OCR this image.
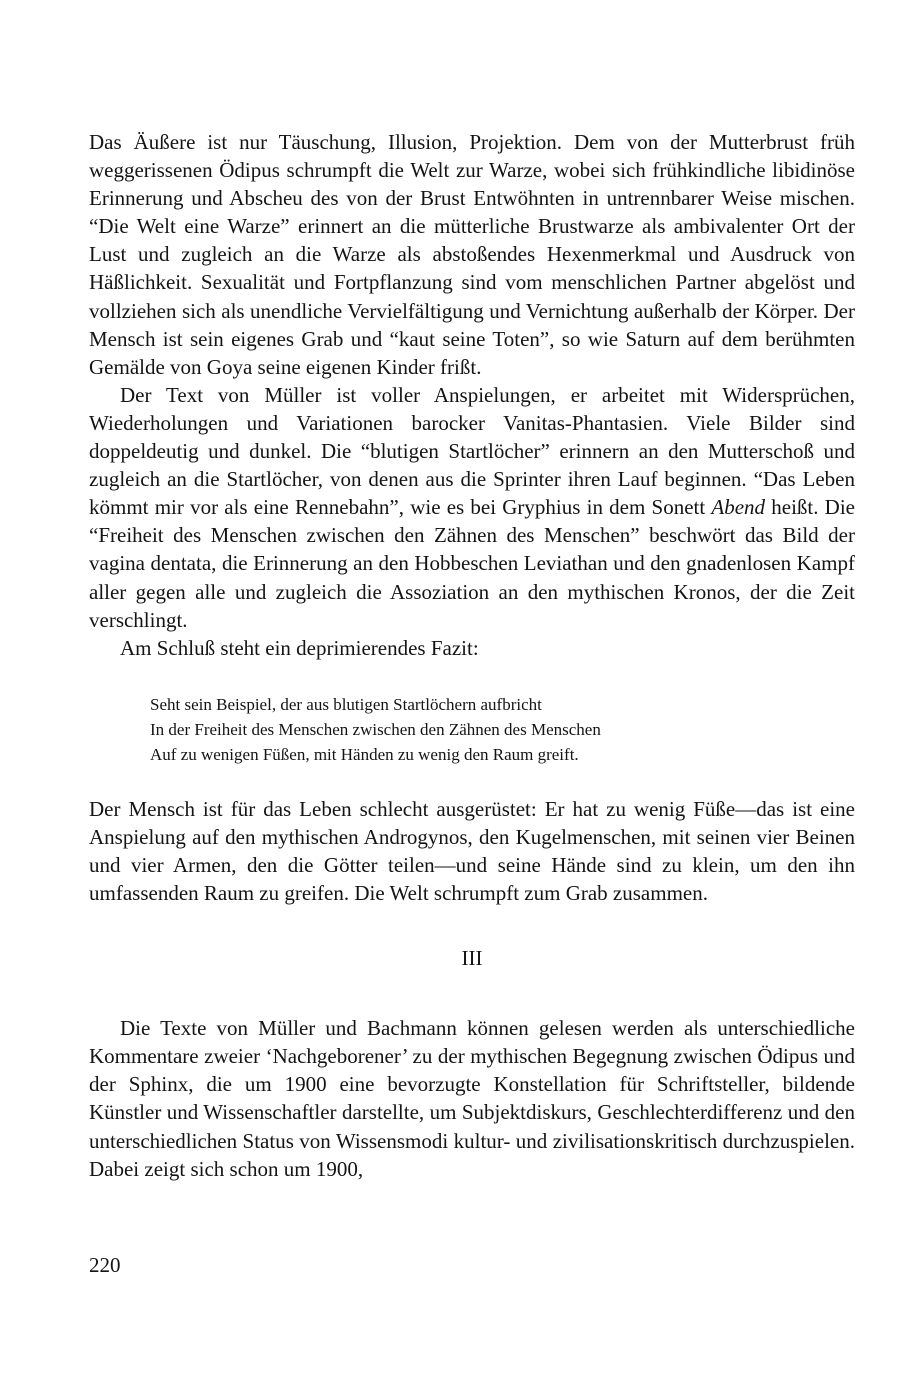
Das Äußere ist nur Täuschung, Illusion, Projektion. Dem von der Mutterbrust früh weggerissenen Ödipus schrumpft die Welt zur Warze, wobei sich frühkindliche libidinöse Erinnerung und Abscheu des von der Brust Entwöhnten in untrennbarer Weise mischen. “Die Welt eine Warze” erinnert an die mütterliche Brustwarze als ambivalenter Ort der Lust und zugleich an die Warze als abstoßendes Hexenmerkmal und Ausdruck von Häßlichkeit. Sexualität und Fortpflanzung sind vom menschlichen Partner abgelöst und vollziehen sich als unendliche Vervielfältigung und Vernichtung außerhalb der Körper. Der Mensch ist sein eigenes Grab und “kaut seine Toten”, so wie Saturn auf dem berühmten Gemälde von Goya seine eigenen Kinder frißt.

Der Text von Müller ist voller Anspielungen, er arbeitet mit Widersprüchen, Wiederholungen und Variationen barocker Vanitas-Phantasien. Viele Bilder sind doppeldeutig und dunkel. Die “blutigen Startlöcher” erinnern an den Mutterschoß und zugleich an die Startlöcher, von denen aus die Sprinter ihren Lauf beginnen. “Das Leben kömmt mir vor als eine Rennebahn”, wie es bei Gryphius in dem Sonett Abend heißt. Die “Freiheit des Menschen zwischen den Zähnen des Menschen” beschwört das Bild der vagina dentata, die Erinnerung an den Hobbeschen Leviathan und den gnadenlosen Kampf aller gegen alle und zugleich die Assoziation an den mythischen Kronos, der die Zeit verschlingt.

Am Schluß steht ein deprimierendes Fazit:

Seht sein Beispiel, der aus blutigen Startlöchern aufbricht
In der Freiheit des Menschen zwischen den Zähnen des Menschen
Auf zu wenigen Füßen, mit Händen zu wenig den Raum greift.

Der Mensch ist für das Leben schlecht ausgerüstet: Er hat zu wenig Füße—das ist eine Anspielung auf den mythischen Androgynos, den Kugelmenschen, mit seinen vier Beinen und vier Armen, den die Götter teilen—und seine Hände sind zu klein, um den ihn umfassenden Raum zu greifen. Die Welt schrumpft zum Grab zusammen.

III

Die Texte von Müller und Bachmann können gelesen werden als unterschiedliche Kommentare zweier ‘Nachgeborener’ zu der mythischen Begegnung zwischen Ödipus und der Sphinx, die um 1900 eine bevorzugte Konstellation für Schriftsteller, bildende Künstler und Wissenschaftler darstellte, um Subjektdiskurs, Geschlechterdifferenz und den unterschiedlichen Status von Wissensmodi kultur- und zivilisationskritisch durchzuspielen. Dabei zeigt sich schon um 1900,

220
